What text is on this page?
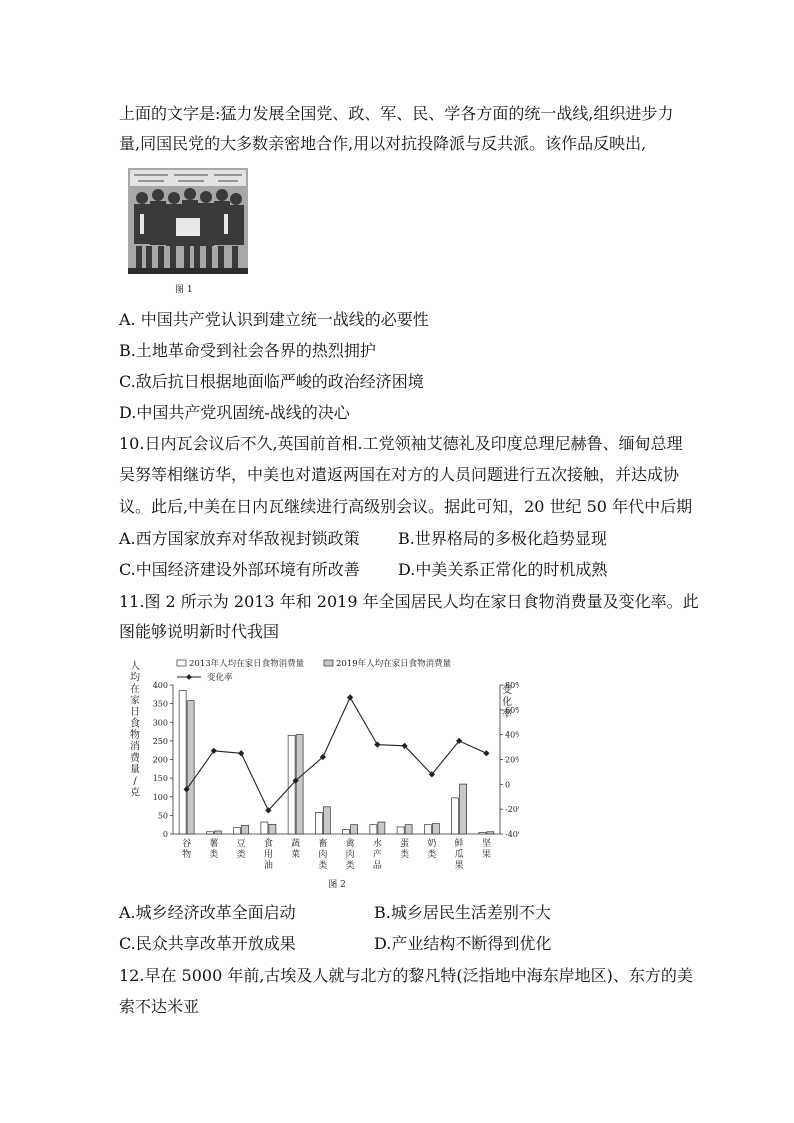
上面的文字是:猛力发展全国党、政、军、民、学各方面的统一战线,组织进步力
量,同国民党的大多数亲密地合作,用以对抗投降派与反共派。该作品反映出,
图 1
A. 中国共产党认识到建立统一战线的必要性
B.土地革命受到社会各界的热烈拥护
C.敌后抗日根据地面临严峻的政治经济困境
D.中国共产党巩固统-战线的决心
10.日内瓦会议后不久,英国前首相.工党领袖艾德礼及印度总理尼赫鲁、缅甸总理
吴努等相继访华，中美也对遣返两国在对方的人员问题进行五次接触，并达成协
议。此后,中美在日内瓦继续进行高级别会议。据此可知，20 世纪 50 年代中后期
A.西方国家放弃对华敌视封锁政策 B.世界格局的多极化趋势显现
C.中国经济建设外部环境有所改善 D.中美关系正常化的时机成熟
11.图 2 所示为 2013 年和 2019 年全国居民人均在家日食物消费量及变化率。此
图能够说明新时代我国
0
50
100
150
200
250
300
350
400
-40
-20
0
20
40
60
80
人
均
在
家
日
食
物
消
费
量
/
克
变
化
率
谷
物
薯
类
豆
类
食
用
油
蔬
菜
畜
肉
类
禽
肉
类
水
产
品
蛋
类
奶
类
鲜
瓜
果
坚
果
2013年人均在家日食物消费量	2019年人均在家日食物消费量
变化率
图 2
A.城乡经济改革全面启动	B.城乡居民生活差别不大
C.民众共享改革开放成果	D.产业结构不断得到优化
12.早在 5000 年前,古埃及人就与北方的黎凡特(泛指地中海东岸地区)、东方的美
索不达米亚
